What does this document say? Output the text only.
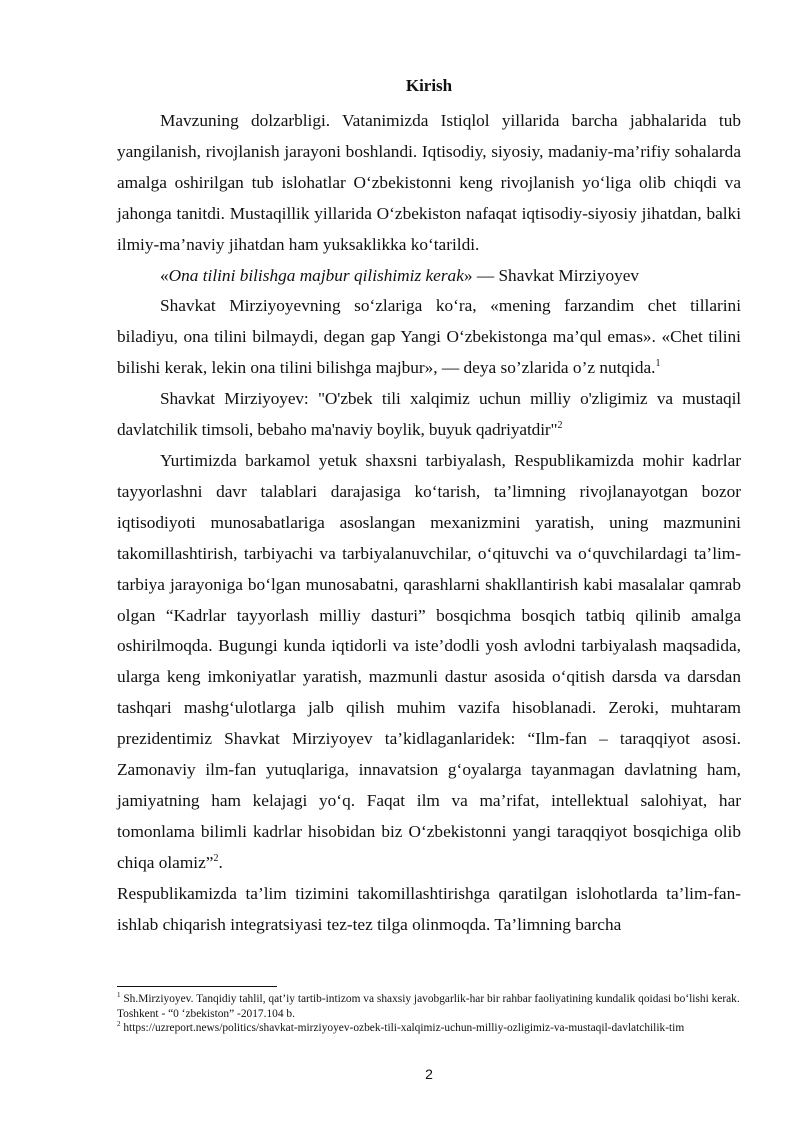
Kirish

Mavzuning dolzarbligi. Vatanimizda Istiqlol yillarida barcha jabhalarida tub yangilanish, rivojlanish jarayoni boshlandi. Iqtisodiy, siyosiy, madaniy-ma’rifiy sohalarda amalga oshirilgan tub islohatlar O‘zbekistonni keng rivojlanish yo‘liga olib chiqdi va jahonga tanitdi. Mustaqillik yillarida O‘zbekiston nafaqat iqtisodiy-siyosiy jihatdan, balki ilmiy-ma’naviy jihatdan ham yuksaklikka ko‘tarildi.

«Ona tilini bilishga majbur qilishimiz kerak» — Shavkat Mirziyoyev

Shavkat Mirziyoyevning so‘zlariga ko‘ra, «mening farzandim chet tillarini biladiyu, ona tilini bilmaydi, degan gap Yangi O‘zbekistonga ma’qul emas». «Chet tilini bilishi kerak, lekin ona tilini bilishga majbur», — deya so’zlarida o’z nutqida.$^1$

Shavkat Mirziyoyev: "O'zbek tili xalqimiz uchun milliy o'zligimiz va mustaqil davlatchilik timsoli, bebaho ma'naviy boylik, buyuk qadriyatdir"$^2$

Yurtimizda barkamol yetuk shaxsni tarbiyalash, Respublikamizda mohir kadrlar tayyorlashni davr talablari darajasiga ko‘tarish, ta’limning rivojlanayotgan bozor iqtisodiyoti munosabatlariga asoslangan mexanizmini yaratish, uning mazmunini takomillashtirish, tarbiyachi va tarbiyalanuvchilar, o‘qituvchi va o‘quvchilardagi ta’lim-tarbiya jarayoniga bo‘lgan munosabatni, qarashlarni shakllantirish kabi masalalar qamrab olgan “Kadrlar tayyorlash milliy dasturi” bosqichma bosqich tatbiq qilinib amalga oshirilmoqda. Bugungi kunda iqtidorli va iste’dodli yosh avlodni tarbiyalash maqsadida, ularga keng imkoniyatlar yaratish, mazmunli dastur asosida o‘qitish darsda va darsdan tashqari mashg‘ulotlarga jalb qilish muhim vazifa hisoblanadi. Zeroki, muhtaram prezidentimiz Shavkat Mirziyoyev ta’kidlaganlaridek: “Ilm-fan – taraqqiyot asosi. Zamonaviy ilm-fan yutuqlariga, innavatsion g‘oyalarga tayanmagan davlatning ham, jamiyatning ham kelajagi yo‘q. Faqat ilm va ma’rifat, intellektual salohiyat, har tomonlama bilimli kadrlar hisobidan biz O‘zbekistonni yangi taraqqiyot bosqichiga olib chiqa olamiz”$^2$.

Respublikamizda ta’lim tizimini takomillashtirishga qaratilgan islohotlarda ta’lim-fan-ishlab chiqarish integratsiyasi tez-tez tilga olinmoqda. Ta’limning barcha

$^1$ Sh.Mirziyoyev. Tanqidiy tahlil, qat’iy tartib-intizom va shaxsiy javobgarlik-har bir rahbar faoliyatining kundalik qoidasi bo‘lishi kerak. Toshkent - “0 ‘zbekiston” -2017.104 b.

$^2$ https://uzreport.news/politics/shavkat-mirziyoyev-ozbek-tili-xalqimiz-uchun-milliy-ozligimiz-va-mustaqil-davlatchilik-tim

2
